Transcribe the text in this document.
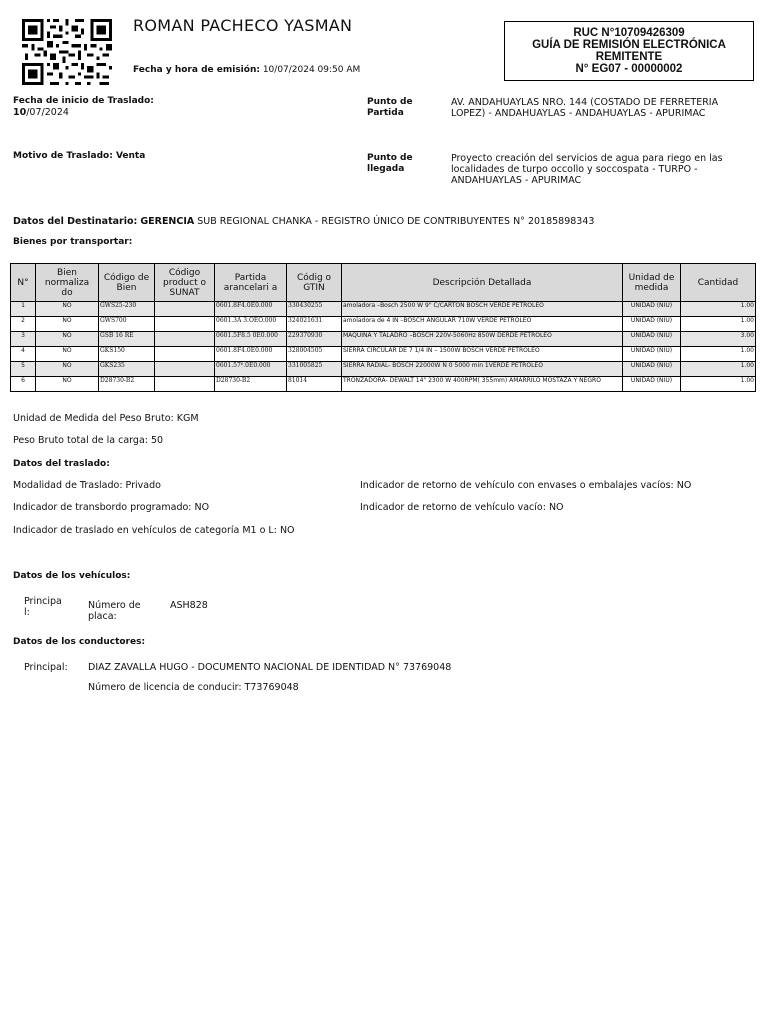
ROMAN PACHECO YASMAN
Fecha y hora de emisión: 10/07/2024 09:50 AM
RUC N°10709426309
GUÍA DE REMISIÓN ELECTRÓNICA
REMITENTE
N° EG07 - 00000002
Fecha de inicio de Traslado:
10/07/2024
Motivo de Traslado: Venta
Punto de Partida
AV. ANDAHUAYLAS NRO. 144 (COSTADO DE FERRETERIA LOPEZ) - ANDAHUAYLAS - ANDAHUAYLAS - APURIMAC
Punto de llegada
Proyecto creación del servicios de agua para riego en las localidades de turpo occollo y soccospata - TURPO - ANDAHUAYLAS - APURIMAC
Datos del Destinatario: GERENCIA SUB REGIONAL CHANKA - REGISTRO ÚNICO DE CONTRIBUYENTES N° 20185898343
Bienes por transportar:
N°	Bien normaliza do	Código de Bien	Código product o SUNAT	Partida arancelari a	Códig o GTIN	Descripción Detallada	Unidad de medida	Cantidad
1	NO	GWS25-230		0601.8F4.0E0.000	330430255	amoladora –Bosch 2500 W 9" C/CARTON BOSCH VERDE PETROLEO	UNIDAD (NIU)	1.00
2	NO	GWS700		0601.3A 3.OEO.000	324021631	amoladora de 4 IN –BOSCH ANGULAR 710W VERDE PETROLEO	UNIDAD (NIU)	1.00
3	NO	GSB 16 RE		0601.5F8.5 0E0.000	229370930	MAQUINA Y TALADRO –BOSCH 220V-5060Hz 850W DERDE PETROLEO	UNIDAD (NIU)	3.00
4	NO	GKS150		0601.8F4.0E0.000	328004505	SIERRA CIRCULAR DE 7 1/4 IN – 1500W BOSCH VERDE PETROLEO	UNIDAD (NIU)	1.00
5	NO	GKS235		0601.57⁶.0E0.000	331005825	SIERRA RADIAL- BOSCH 22000W N 0 5000 min 1VERDE PETROLEO	UNIDAD (NIU)	1.00
6	NO	D28730-B2		D28730-B2	81014	TRONZADORA- DEWALT 14" 2300 W 400RPM( 355mm) AMARRILO MOSTAZA Y NEGRO	UNIDAD (NIU)	1.00
Unidad de Medida del Peso Bruto: KGM
Peso Bruto total de la carga: 50
Datos del traslado:
Modalidad de Traslado: Privado	Indicador de retorno de vehículo con envases o embalajes vacíos: NO
Indicador de transbordo programado: NO	Indicador de retorno de vehículo vacío: NO
Indicador de traslado en vehículos de categoría M1 o L: NO
Datos de los vehículos:
Principa l:
Número de placa:
ASH828
Datos de los conductores:
Principal: DIAZ ZAVALLA HUGO - DOCUMENTO NACIONAL DE IDENTIDAD N° 73769048
Número de licencia de conducir: T73769048
